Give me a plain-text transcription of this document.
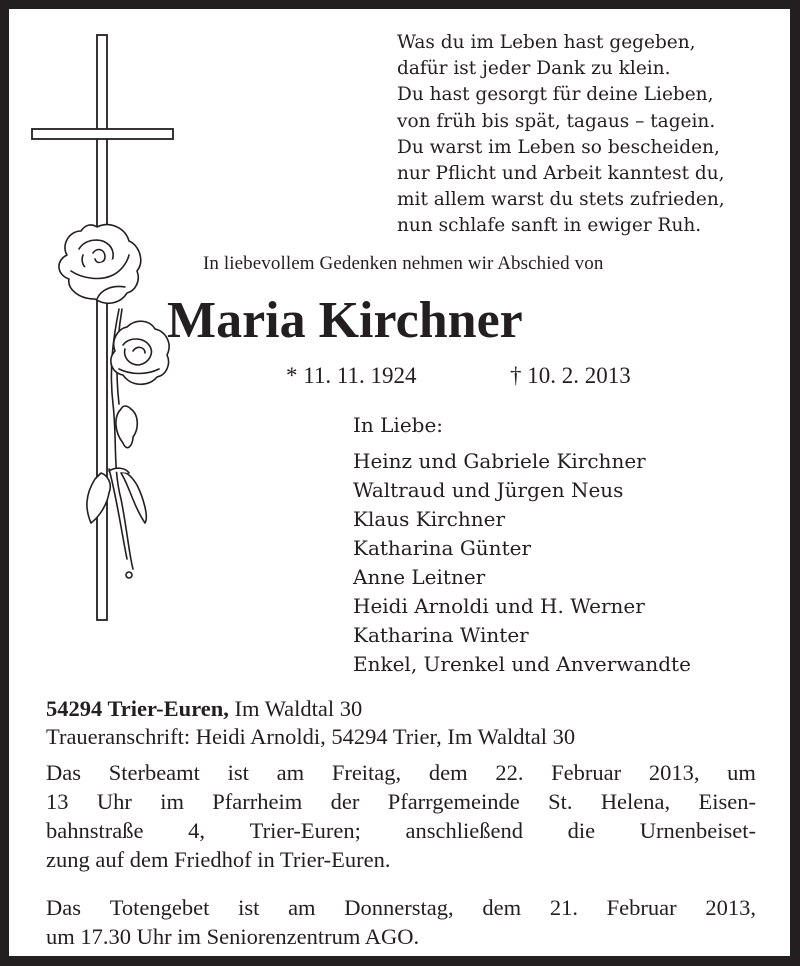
Was du im Leben hast gegeben,
dafür ist jeder Dank zu klein.
Du hast gesorgt für deine Lieben,
von früh bis spät, tagaus – tagein.
Du warst im Leben so bescheiden,
nur Pflicht und Arbeit kanntest du,
mit allem warst du stets zufrieden,
nun schlafe sanft in ewiger Ruh.
In liebevollem Gedenken nehmen wir Abschied von
Maria Kirchner
* 11. 11. 1924	† 10. 2. 2013
In Liebe:
Heinz und Gabriele Kirchner
Waltraud und Jürgen Neus
Klaus Kirchner
Katharina Günter
Anne Leitner
Heidi Arnoldi und H. Werner
Katharina Winter
Enkel, Urenkel und Anverwandte
54294 Trier-Euren, Im Waldtal 30
Traueranschrift: Heidi Arnoldi, 54294 Trier, Im Waldtal 30
Das Sterbeamt ist am Freitag, dem 22. Februar 2013, um
13 Uhr im Pfarrheim der Pfarrgemeinde St. Helena, Eisen-
bahnstraße 4, Trier-Euren; anschließend die Urnenbeiset-
zung auf dem Friedhof in Trier-Euren.
Das Totengebet ist am Donnerstag, dem 21. Februar 2013,
um 17.30 Uhr im Seniorenzentrum AGO.
